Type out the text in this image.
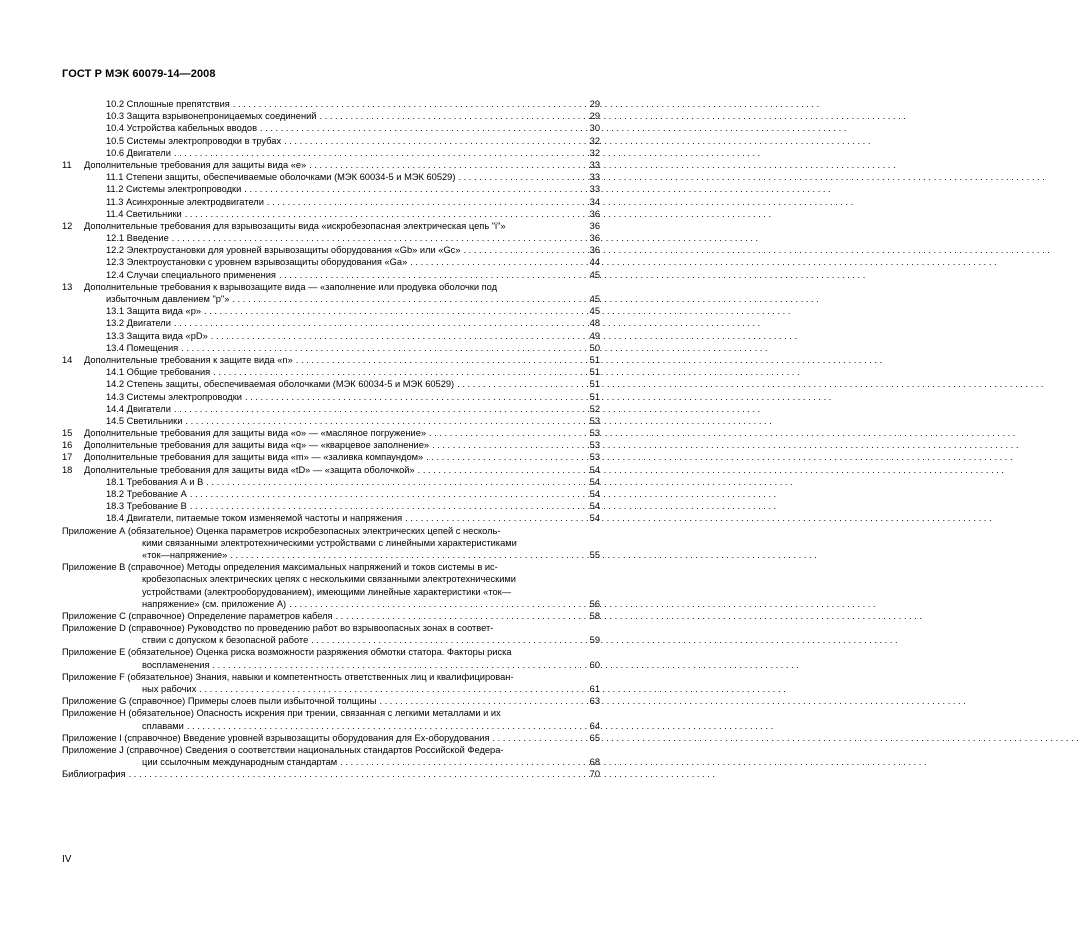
ГОСТ Р МЭК 60079-14—2008
10.2 Сплошные препятствия . . .	29
10.3 Защита взрывонепроницаемых соединений . . .	29
10.4 Устройства кабельных вводов . . .	30
10.5 Системы электропроводки в трубах . . .	32
10.6 Двигатели . . .	32
11	Дополнительные требования для защиты вида «е» . . .	33
11.1 Степени защиты, обеспечиваемые оболочками (МЭК 60034-5 и МЭК 60529) . . .	33
11.2 Системы электропроводки . . .	33
11.3 Асинхронные электродвигатели . . .	34
11.4 Светильники . . .	36
12	Дополнительные требования для взрывозащиты вида «искробезопасная электрическая цепь "i"»	36
12.1 Введение . . .	36
12.2 Электроустановки для уровней взрывозащиты оборудования «Gb» или «Gc» . . .	36
12.3 Электроустановки с уровнем взрывозащиты оборудования «Ga» . . .	44
12.4 Случаи специального применения . . .	45
13	Дополнительные требования к взрывозащите вида — «заполнение или продувка оболочки под
избыточным давлением "р"» . . .	45
13.1 Защита вида «р» . . .	45
13.2 Двигатели . . .	48
13.3 Защита вида «pD» . . .	49
13.4 Помещения . . .	50
14	Дополнительные требования к защите вида «n» . . .	51
14.1 Общие требования . . .	51
14.2 Степень защиты, обеспечиваемая оболочками (МЭК 60034-5 и МЭК 60529) . . .	51
14.3 Системы электропроводки . . .	51
14.4 Двигатели . . .	52
14.5 Светильники . . .	53
15	Дополнительные требования для защиты вида «о» — «масляное погружение» . . .	53
16	Дополнительные требования для защиты вида «q» — «кварцевое заполнение» . . .	53
17	Дополнительные требования для защиты вида «m» — «заливка компаундом» . . .	53
18	Дополнительные требования для защиты вида «tD» — «защита оболочкой» . . .	54
18.1 Требования А и В . . .	54
18.2 Требование А . . .	54
18.3 Требование В . . .	54
18.4 Двигатели, питаемые током изменяемой частоты и напряжения . . .	54
Приложение А (обязательное) Оценка параметров искробезопасных электрических цепей с несколь-
кими связанными электротехническими устройствами с линейными характеристиками
«ток—напряжение» . . .	55
Приложение В (справочное) Методы определения максимальных напряжений и токов системы в ис-
кробезопасных электрических цепях с несколькими связанными электротехническими
устройствами (электрооборудованием), имеющими линейные характеристики «ток—
напряжение» (см. приложение А) . . .	56
Приложение С (справочное) Определение параметров кабеля . . .	58
Приложение D (справочное) Руководство по проведению работ во взрывоопасных зонах в соответ-
ствии с допуском к безопасной работе . . .	59
Приложение E (обязательное) Оценка риска возможности разряжения обмотки статора. Факторы риска
воспламенения . . .	60
Приложение F (обязательное) Знания, навыки и компетентность ответственных лиц и квалифицирован-
ных рабочих . . .	61
Приложение G (справочное) Примеры слоев пыли избыточной толщины . . .	63
Приложение Н (обязательное) Опасность искрения при трении, связанная с легкими металлами и их
сплавами . . .	64
Приложение I (справочное) Введение уровней взрывозащиты оборудования для Ех-оборудования . . .	65
Приложение J (справочное) Сведения о соответствии национальных стандартов Российской Федера-
ции ссылочным международным стандартам . . .	68
Библиография . . .	70
IV
